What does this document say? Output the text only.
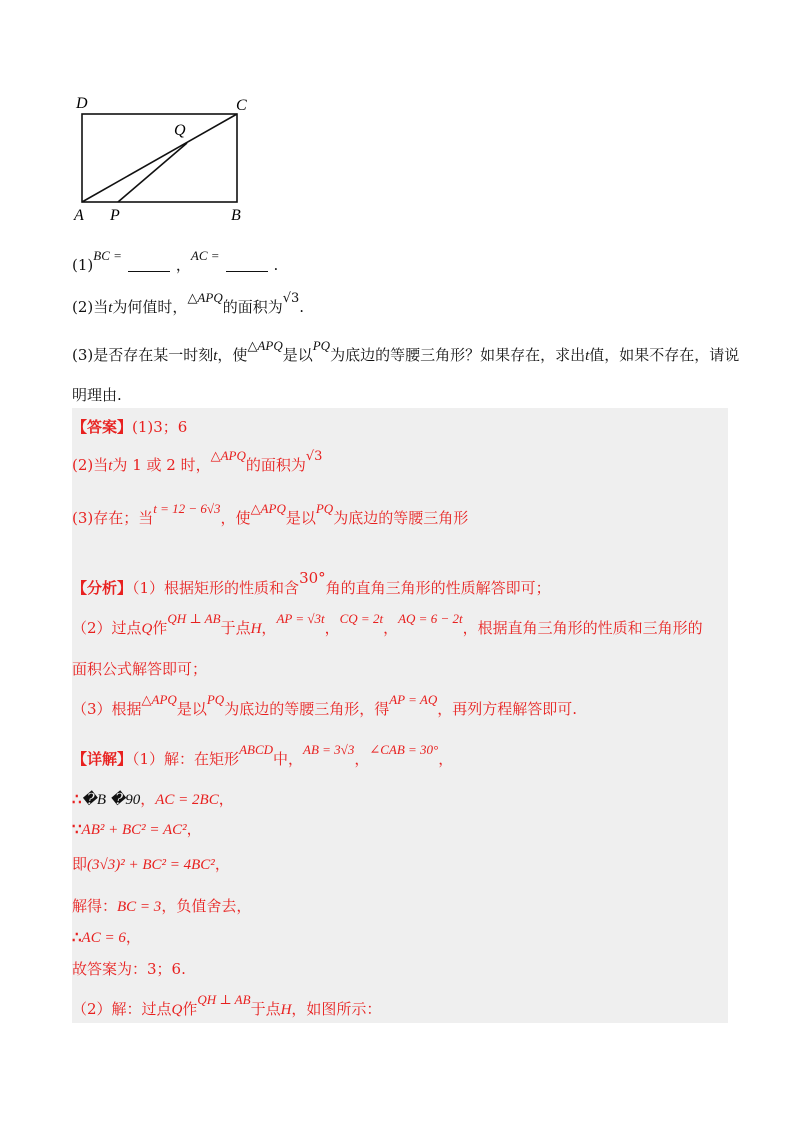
D	C
Q
A P	B
(1)BC =，AC =.
(2)当t为何值时，△APQ的面积为√3.
(3)是否存在某一时刻t，使△APQ是以PQ为底边的等腰三角形？如果存在，求出t值，如果不存在，请说
明理由.
【答案】(1)3；6
(2)当t为 1 或 2 时，△APQ的面积为√3
(3)存在；当t = 12 − 6√3，使△APQ是以PQ为底边的等腰三角形
【分析】（1）根据矩形的性质和含30°角的直角三角形的性质解答即可；
（2）过点Q作QH ⊥ AB于点H，AP = √3t，CQ = 2t，AQ = 6 − 2t，根据直角三角形的性质和三角形的
面积公式解答即可；
（3）根据△APQ是以PQ为底边的等腰三角形，得AP = AQ，再列方程解答即可.
【详解】（1）解：在矩形ABCD中，AB = 3√3，∠CAB = 30°，
∴�B �90，AC = 2BC，
∵AB² + BC² = AC²，
即(3√3)² + BC² = 4BC²，
解得：BC = 3，负值舍去，
∴AC = 6，
故答案为：3；6.
（2）解：过点Q作QH ⊥ AB于点H，如图所示：
